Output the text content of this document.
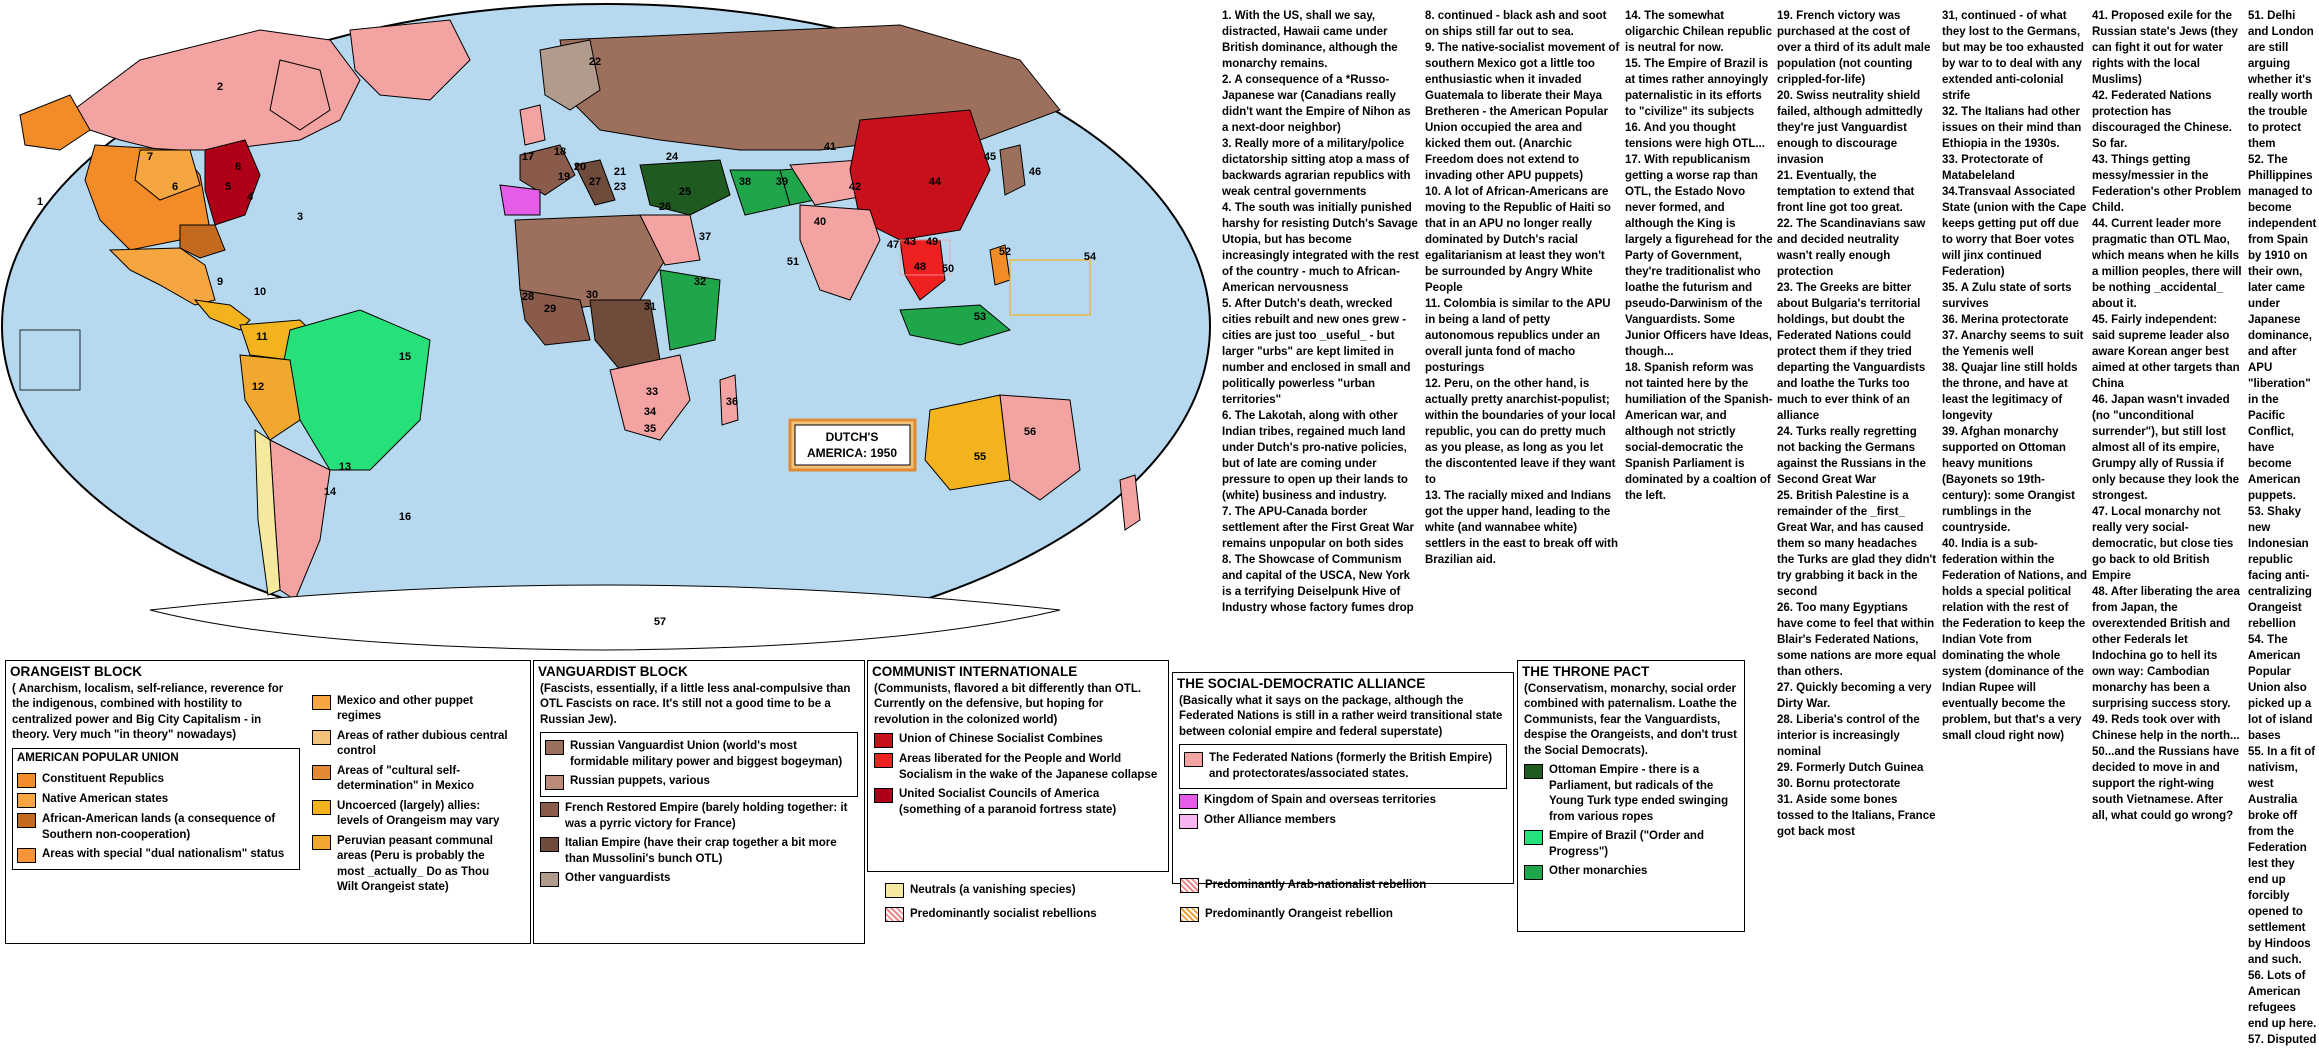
DUTCH'S
AMERICA: 1950
1
2
3
4
5
6
7
8
9
10
11
12
13
14
15
16
17 18
19
20	21
22
23
24
25
26
27
28
29
30
31
32
33
34
35
36
37
38 39
40
41
42
43
44
45
46
47
48
49
50
51
52
53
54
55
56
57
1. With the US, shall we say, distracted, Hawaii came under British dominance, although the monarchy remains.
2. A consequence of a *Russo-Japanese war (Canadians really didn't want the Empire of Nihon as a next-door neighbor)
3. Really more of a military/police dictatorship sitting atop a mass of backwards agrarian republics with weak central governments
4. The south was initially punished harshy for resisting Dutch's Savage Utopia, but has become increasingly integrated with the rest of the country - much to African-American nervousness
5. After Dutch's death, wrecked cities rebuilt and new ones grew - cities are just too _useful_ - but larger "urbs" are kept limited in number and enclosed in small and politically powerless "urban territories"
6. The Lakotah, along with other Indian tribes, regained much land under Dutch's pro-native policies, but of late are coming under pressure to open up their lands to (white) business and industry.
7. The APU-Canada border settlement after the First Great War remains unpopular on both sides
8. The Showcase of Communism and capital of the USCA, New York is a terrifying Deiselpunk Hive of Industry whose factory fumes drop
8. continued - black ash and soot on ships still far out to sea.
9. The native-socialist movement of southern Mexico got a little too enthusiastic when it invaded Guatemala to liberate their Maya Bretheren - the American Popular Union occupied the area and kicked them out. (Anarchic Freedom does not extend to invading other APU puppets)
10. A lot of African-Americans are moving to the Republic of Haiti so that in an APU no longer really dominated by Dutch's racial egalitarianism at least they won't be surrounded by Angry White People
11. Colombia is similar to the APU in being a land of petty autonomous republics under an overall junta fond of macho posturings
12. Peru, on the other hand, is actually pretty anarchist-populist; within the boundaries of your local republic, you can do pretty much as you please, as long as you let the discontented leave if they want to
13. The racially mixed and Indians got the upper hand, leading to the white (and wannabee white) settlers in the east to break off with Brazilian aid.
14. The somewhat oligarchic Chilean republic is neutral for now.
15. The Empire of Brazil is at times rather annoyingly paternalistic in its efforts to "civilize" its subjects
16. And you thought tensions were high OTL...
17. With republicanism getting a worse rap than OTL, the Estado Novo never formed, and although the King is largely a figurehead for the Party of Government, they're traditionalist who loathe the futurism and pseudo-Darwinism of the Vanguardists. Some Junior Officers have Ideas, though...
18. Spanish reform was not tainted here by the humiliation of the Spanish-American war, and although not strictly social-democratic the Spanish Parliament is dominated by a coaltion of the left.
19. French victory was purchased at the cost of over a third of its adult male population (not counting crippled-for-life)
20. Swiss neutrality shield failed, although admittedly they're just Vanguardist enough to discourage invasion
21. Eventually, the temptation to extend that front line got too great.
22. The Scandinavians saw and decided neutrality wasn't really enough protection
23. The Greeks are bitter about Bulgaria's territorial holdings, but doubt the Federated Nations could protect them if they tried departing the Vanguardists and loathe the Turks too much to ever think of an alliance
24. Turks really regretting not backing the Germans against the Russians in the Second Great War
25. British Palestine is a remainder of the _first_ Great War, and has caused them so many headaches the Turks are glad they didn't try grabbing it back in the second
26. Too many Egyptians have come to feel that within Blair's Federated Nations, some nations are more equal than others.
27. Quickly becoming a very Dirty War.
28. Liberia's control of the interior is increasingly nominal
29. Formerly Dutch Guinea
30. Bornu protectorate
31. Aside some bones tossed to the Italians, France got back most
31, continued - of what they lost to the Germans, but may be too exhausted by war to to deal with any extended anti-colonial strife
32. The Italians had other issues on their mind than Ethiopia in the 1930s.
33. Protectorate of Matabeleland
34.Transvaal Associated State (union with the Cape keeps getting put off due to worry that Boer votes will jinx continued Federation)
35. A Zulu state of sorts survives
36. Merina protectorate
37. Anarchy seems to suit the Yemenis well
38. Quajar line still holds the throne, and have at least the legitimacy of longevity
39. Afghan monarchy supported on Ottoman heavy munitions (Bayonets so 19th-century): some Orangist rumblings in the countryside.
40. India is a sub-federation within the Federation of Nations, and holds a special political relation with the rest of the Federation to keep the Indian Vote from dominating the whole system (dominance of the Indian Rupee will eventually become the problem, but that's a very small cloud right now)
41. Proposed exile for the Russian state's Jews (they can fight it out for water rights with the local Muslims)
42. Federated Nations protection has discouraged the Chinese. So far.
43. Things getting messy/messier in the Federation's other Problem Child.
44. Current leader more pragmatic than OTL Mao, which means when he kills a million peoples, there will be nothing _accidental_ about it.
45. Fairly independent: said supreme leader also aware Korean anger best aimed at other targets than China
46. Japan wasn't invaded (no "unconditional surrender"), but still lost almost all of its empire, Grumpy ally of Russia if only because they look the strongest.
47. Local monarchy not really very social-democratic, but close ties go back to old British Empire
48. After liberating the area from Japan, the overextended British and other Federals let Indochina go to hell its own way: Cambodian monarchy has been a surprising success story.
49. Reds took over with Chinese help in the north...
50...and the Russians have decided to move in and support the right-wing south Vietnamese. After all, what could go wrong?
51. Delhi and London are still arguing whether it's really worth the trouble to protect them
52. The Phillippines managed to become independent from Spain by 1910 on their own, later came under Japanese dominance, and after APU "liberation" in the Pacific Conflict, have become American puppets.
53. Shaky new Indonesian republic facing anti-centralizing Orangeist rebellion
54. The American Popular Union also picked up a lot of island bases
55. In a fit of nativism, west Australia broke off from the Federation lest they end up forcibly opened to settlement by Hindoos and such.
56. Lots of American refugees end up here.
57. Disputed
ORANGEIST BLOCK
( Anarchism, localism, self-reliance, reverence for the indigenous, combined with hostility to centralized power and Big City Capitalism - in theory. Very much "in theory" nowadays)
AMERICAN POPULAR UNION
Constituent Republics
Native American states
African-American lands (a consequence of Southern non-cooperation)
Areas with special "dual nationalism" status
Mexico and other puppet regimes
Areas of rather dubious central control
Areas of "cultural self-determination" in Mexico
Uncoerced (largely) allies: levels of Orangeism may vary
Peruvian peasant communal areas (Peru is probably the most _actually_ Do as Thou Wilt Orangeist state)
VANGUARDIST BLOCK
(Fascists, essentially, if a little less anal-compulsive than OTL Fascists on race. It's still not a good time to be a Russian Jew).
Russian Vanguardist Union (world's most formidable military power and biggest bogeyman)
Russian puppets, various
French Restored Empire (barely holding together: it was a pyrric victory for France)
Italian Empire (have their crap together a bit more than Mussolini's bunch OTL)
Other vanguardists
COMMUNIST INTERNATIONALE
(Communists, flavored a bit differently than OTL. Currently on the defensive, but hoping for revolution in the colonized world)
Union of Chinese Socialist Combines
Areas liberated for the People and World Socialism in the wake of the Japanese collapse
United Socialist Councils of America (something of a paranoid fortress state)
THE SOCIAL-DEMOCRATIC ALLIANCE
(Basically what it says on the package, although the Federated Nations is still in a rather weird transitional state between colonial empire and federal superstate)
The Federated Nations (formerly the British Empire) and protectorates/associated states.
Kingdom of Spain and overseas territories
Other Alliance members
THE THRONE PACT
(Conservatism, monarchy, social order combined with paternalism. Loathe the Communists, fear the Vanguardists, despise the Orangeists, and don't trust the Social Democrats).
Ottoman Empire - there is a Parliament, but radicals of the Young Turk type ended swinging from various ropes
Empire of Brazil ("Order and Progress")
Other monarchies
Neutrals (a vanishing species)
Predominantly socialist rebellions
Predominantly Arab-nationalist rebellion
Predominantly Orangeist rebellion
